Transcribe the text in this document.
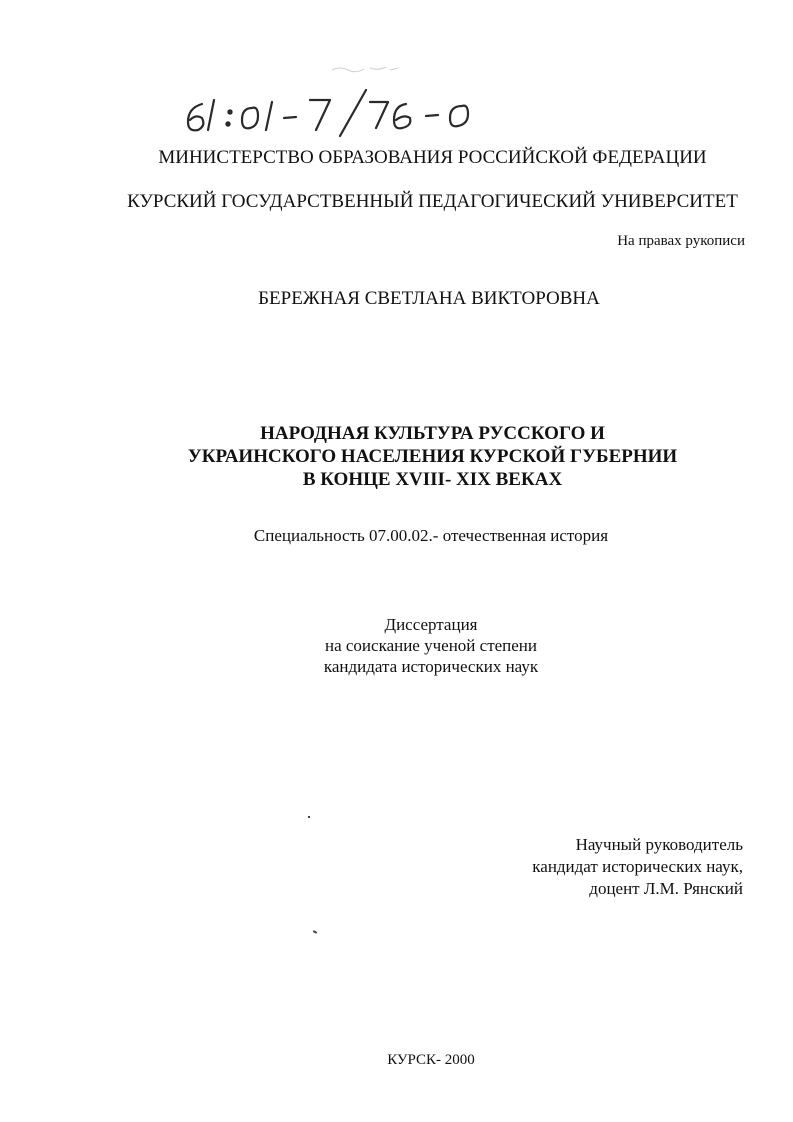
МИНИСТЕРСТВО ОБРАЗОВАНИЯ РОССИЙСКОЙ ФЕДЕРАЦИИ
КУРСКИЙ ГОСУДАРСТВЕННЫЙ ПЕДАГОГИЧЕСКИЙ УНИВЕРСИТЕТ
На правах рукописи
БЕРЕЖНАЯ СВЕТЛАНА ВИКТОРОВНА
НАРОДНАЯ КУЛЬТУРА РУССКОГО И
УКРАИНСКОГО НАСЕЛЕНИЯ КУРСКОЙ ГУБЕРНИИ
В КОНЦЕ XVIII- XIX ВЕКАХ
Специальность 07.00.02.- отечественная история
Диссертация
на соискание ученой степени
кандидата исторических наук
Научный руководитель
кандидат исторических наук,
доцент Л.М. Рянский
КУРСК- 2000
